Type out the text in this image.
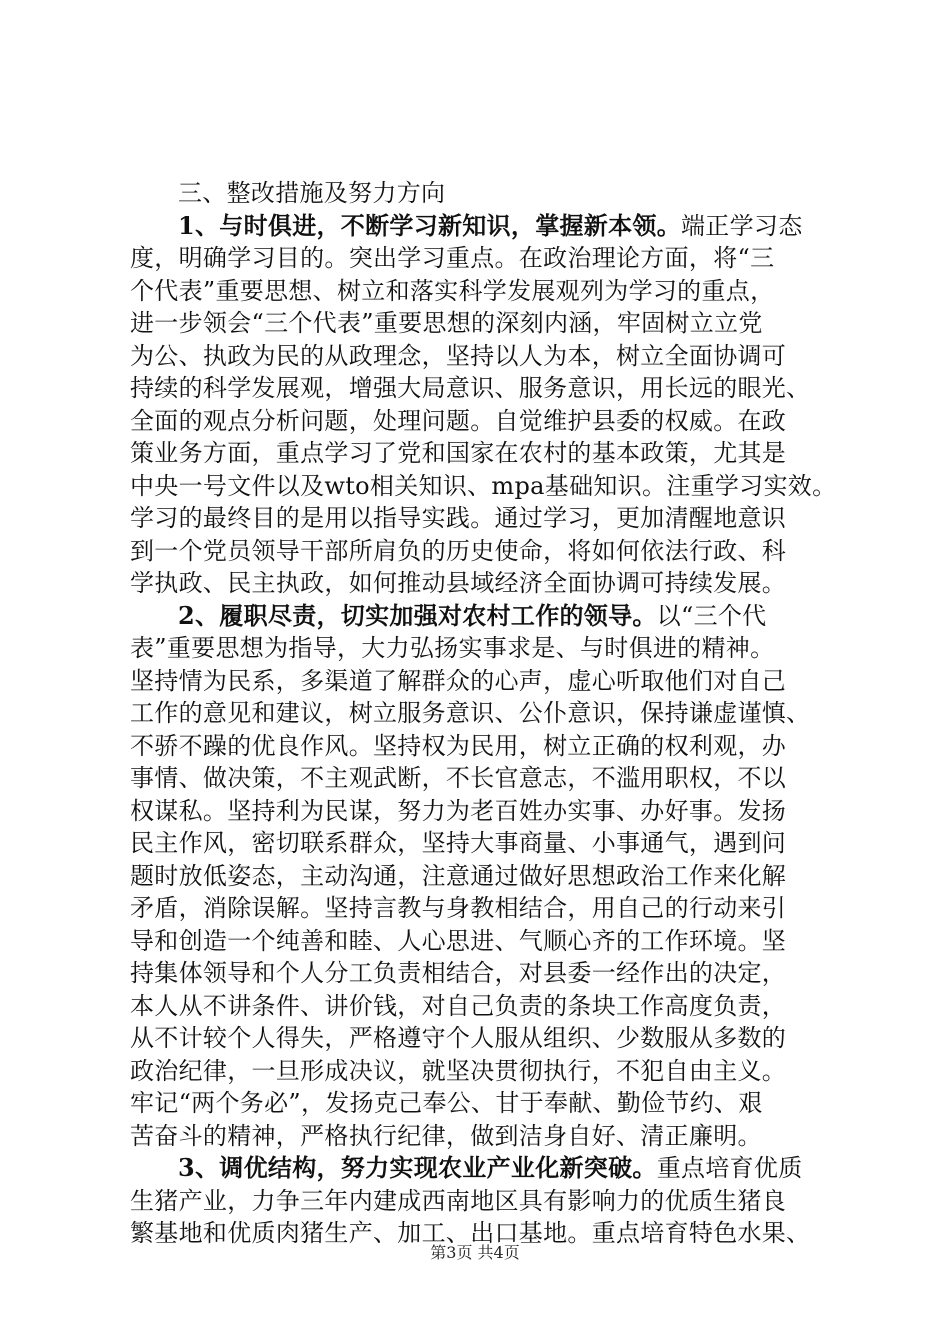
三、整改措施及努力方向
1、与时俱进，不断学习新知识，掌握新本领。端正学习态
度，明确学习目的。突出学习重点。在政治理论方面，将“三
个代表”重要思想、树立和落实科学发展观列为学习的重点，
进一步领会“三个代表”重要思想的深刻内涵，牢固树立立党
为公、执政为民的从政理念，坚持以人为本，树立全面协调可
持续的科学发展观，增强大局意识、服务意识，用长远的眼光、
全面的观点分析问题，处理问题。自觉维护县委的权威。在政
策业务方面，重点学习了党和国家在农村的基本政策，尤其是
中央一号文件以及wto相关知识、mpa基础知识。注重学习实效。
学习的最终目的是用以指导实践。通过学习，更加清醒地意识
到一个党员领导干部所肩负的历史使命，将如何依法行政、科
学执政、民主执政，如何推动县域经济全面协调可持续发展。
2、履职尽责，切实加强对农村工作的领导。以“三个代
表”重要思想为指导，大力弘扬实事求是、与时俱进的精神。
坚持情为民系，多渠道了解群众的心声，虚心听取他们对自己
工作的意见和建议，树立服务意识、公仆意识，保持谦虚谨慎、
不骄不躁的优良作风。坚持权为民用，树立正确的权利观，办
事情、做决策，不主观武断，不长官意志，不滥用职权，不以
权谋私。坚持利为民谋，努力为老百姓办实事、办好事。发扬
民主作风，密切联系群众，坚持大事商量、小事通气，遇到问
题时放低姿态，主动沟通，注意通过做好思想政治工作来化解
矛盾，消除误解。坚持言教与身教相结合，用自己的行动来引
导和创造一个纯善和睦、人心思进、气顺心齐的工作环境。坚
持集体领导和个人分工负责相结合，对县委一经作出的决定，
本人从不讲条件、讲价钱，对自己负责的条块工作高度负责，
从不计较个人得失，严格遵守个人服从组织、少数服从多数的
政治纪律，一旦形成决议，就坚决贯彻执行，不犯自由主义。
牢记“两个务必”，发扬克己奉公、甘于奉献、勤俭节约、艰
苦奋斗的精神，严格执行纪律，做到洁身自好、清正廉明。
3、调优结构，努力实现农业产业化新突破。重点培育优质
生猪产业，力争三年内建成西南地区具有影响力的优质生猪良
繁基地和优质肉猪生产、加工、出口基地。重点培育特色水果、
第3页 共4页
